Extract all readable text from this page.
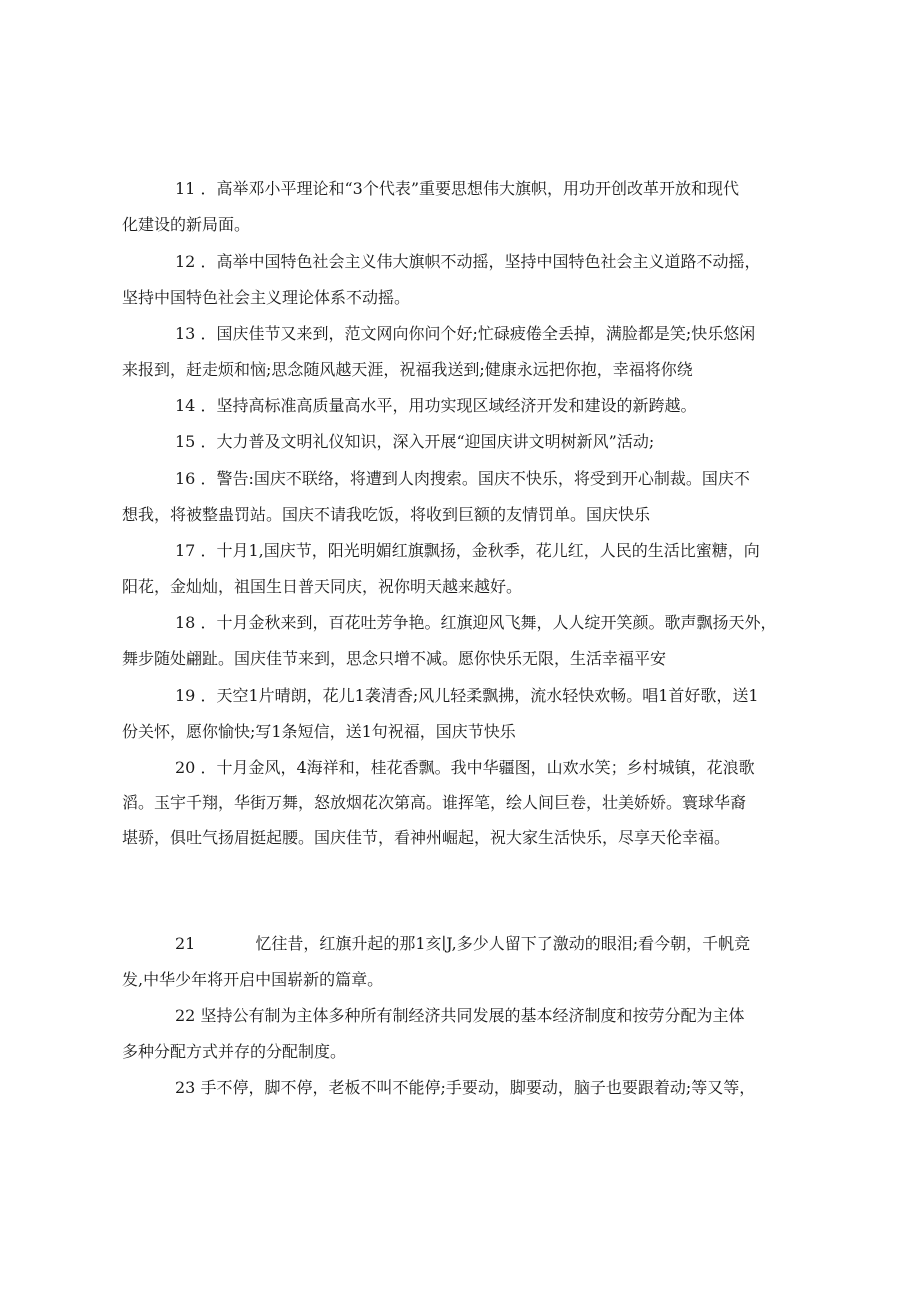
11 ．高举邓小平理论和“3个代表”重要思想伟大旗帜，用功开创改革开放和现代
化建设的新局面。
12 ．高举中国特色社会主义伟大旗帜不动摇，坚持中国特色社会主义道路不动摇，
坚持中国特色社会主义理论体系不动摇。
13 ．国庆佳节又来到，范文网向你问个好;忙碌疲倦全丢掉，满脸都是笑;快乐悠闲
来报到，赶走烦和恼;思念随风越天涯，祝福我送到;健康永远把你抱，幸福将你绕
14 ．坚持高标准高质量高水平，用功实现区域经济开发和建设的新跨越。
15 ．大力普及文明礼仪知识，深入开展“迎国庆讲文明树新风”活动;
16 ．警告:国庆不联络，将遭到人肉搜索。国庆不快乐，将受到开心制裁。国庆不
想我，将被整蛊罚站。国庆不请我吃饭，将收到巨额的友情罚单。国庆快乐
17 ．十月1,国庆节，阳光明媚红旗飘扬，金秋季，花儿红，人民的生活比蜜糖，向
阳花，金灿灿，祖国生日普天同庆，祝你明天越来越好。
18 ．十月金秋来到，百花吐芳争艳。红旗迎风飞舞，人人绽开笑颜。歌声飘扬天外，
舞步随处翩趾。国庆佳节来到，思念只增不减。愿你快乐无限，生活幸福平安
19 ．天空1片晴朗，花儿1袭清香;风儿轻柔飘拂，流水轻快欢畅。唱1首好歌，送1
份关怀，愿你愉快;写1条短信，送1句祝福，国庆节快乐
20 ．十月金风，4海祥和，桂花香飘。我中华疆图，山欢水笑；乡村城镇，花浪歌
滔。玉宇千翔，华街万舞，怒放烟花次第高。谁挥笔，绘人间巨卷，壮美娇娇。寰球华裔
堪骄，俱吐气扬眉挺起腰。国庆佳节，看神州崛起，祝大家生活快乐，尽享天伦幸福。
21	忆往昔，红旗升起的那1亥∣J,多少人留下了激动的眼泪;看今朝，千帆竞
发,中华少年将开启中国崭新的篇章。
22 坚持公有制为主体多种所有制经济共同发展的基本经济制度和按劳分配为主体
多种分配方式并存的分配制度。
23 手不停，脚不停，老板不叫不能停;手要动，脚要动，脑子也要跟着动;等又等，
